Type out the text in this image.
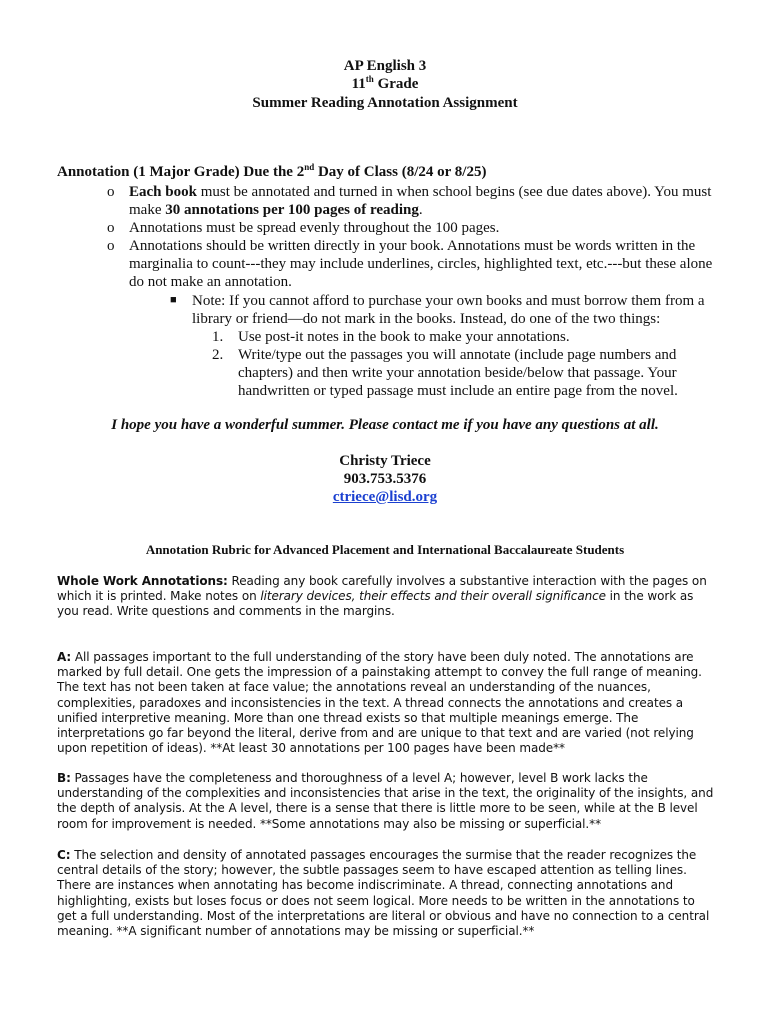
AP English 3
11th Grade
Summer Reading Annotation Assignment
Annotation (1 Major Grade) Due the 2nd Day of Class (8/24 or 8/25)
o Each book must be annotated and turned in when school begins (see due dates above). You must make 30 annotations per 100 pages of reading.
o Annotations must be spread evenly throughout the 100 pages.
o Annotations should be written directly in your book. Annotations must be words written in the marginalia to count---they may include underlines, circles, highlighted text, etc.---but these alone do not make an annotation.
■ Note: If you cannot afford to purchase your own books and must borrow them from a library or friend—do not mark in the books. Instead, do one of the two things:
1. Use post-it notes in the book to make your annotations.
2. Write/type out the passages you will annotate (include page numbers and chapters) and then write your annotation beside/below that passage. Your handwritten or typed passage must include an entire page from the novel.
I hope you have a wonderful summer. Please contact me if you have any questions at all.
Christy Triece
903.753.5376
ctriece@lisd.org
Annotation Rubric for Advanced Placement and International Baccalaureate Students
Whole Work Annotations: Reading any book carefully involves a substantive interaction with the pages on which it is printed. Make notes on literary devices, their effects and their overall significance in the work as you read. Write questions and comments in the margins.
A: All passages important to the full understanding of the story have been duly noted. The annotations are marked by full detail. One gets the impression of a painstaking attempt to convey the full range of meaning. The text has not been taken at face value; the annotations reveal an understanding of the nuances, complexities, paradoxes and inconsistencies in the text. A thread connects the annotations and creates a unified interpretive meaning. More than one thread exists so that multiple meanings emerge. The interpretations go far beyond the literal, derive from and are unique to that text and are varied (not relying upon repetition of ideas). **At least 30 annotations per 100 pages have been made**
B: Passages have the completeness and thoroughness of a level A; however, level B work lacks the understanding of the complexities and inconsistencies that arise in the text, the originality of the insights, and the depth of analysis. At the A level, there is a sense that there is little more to be seen, while at the B level room for improvement is needed. **Some annotations may also be missing or superficial.**
C: The selection and density of annotated passages encourages the surmise that the reader recognizes the central details of the story; however, the subtle passages seem to have escaped attention as telling lines. There are instances when annotating has become indiscriminate. A thread, connecting annotations and highlighting, exists but loses focus or does not seem logical. More needs to be written in the annotations to get a full understanding. Most of the interpretations are literal or obvious and have no connection to a central meaning. **A significant number of annotations may be missing or superficial.**
